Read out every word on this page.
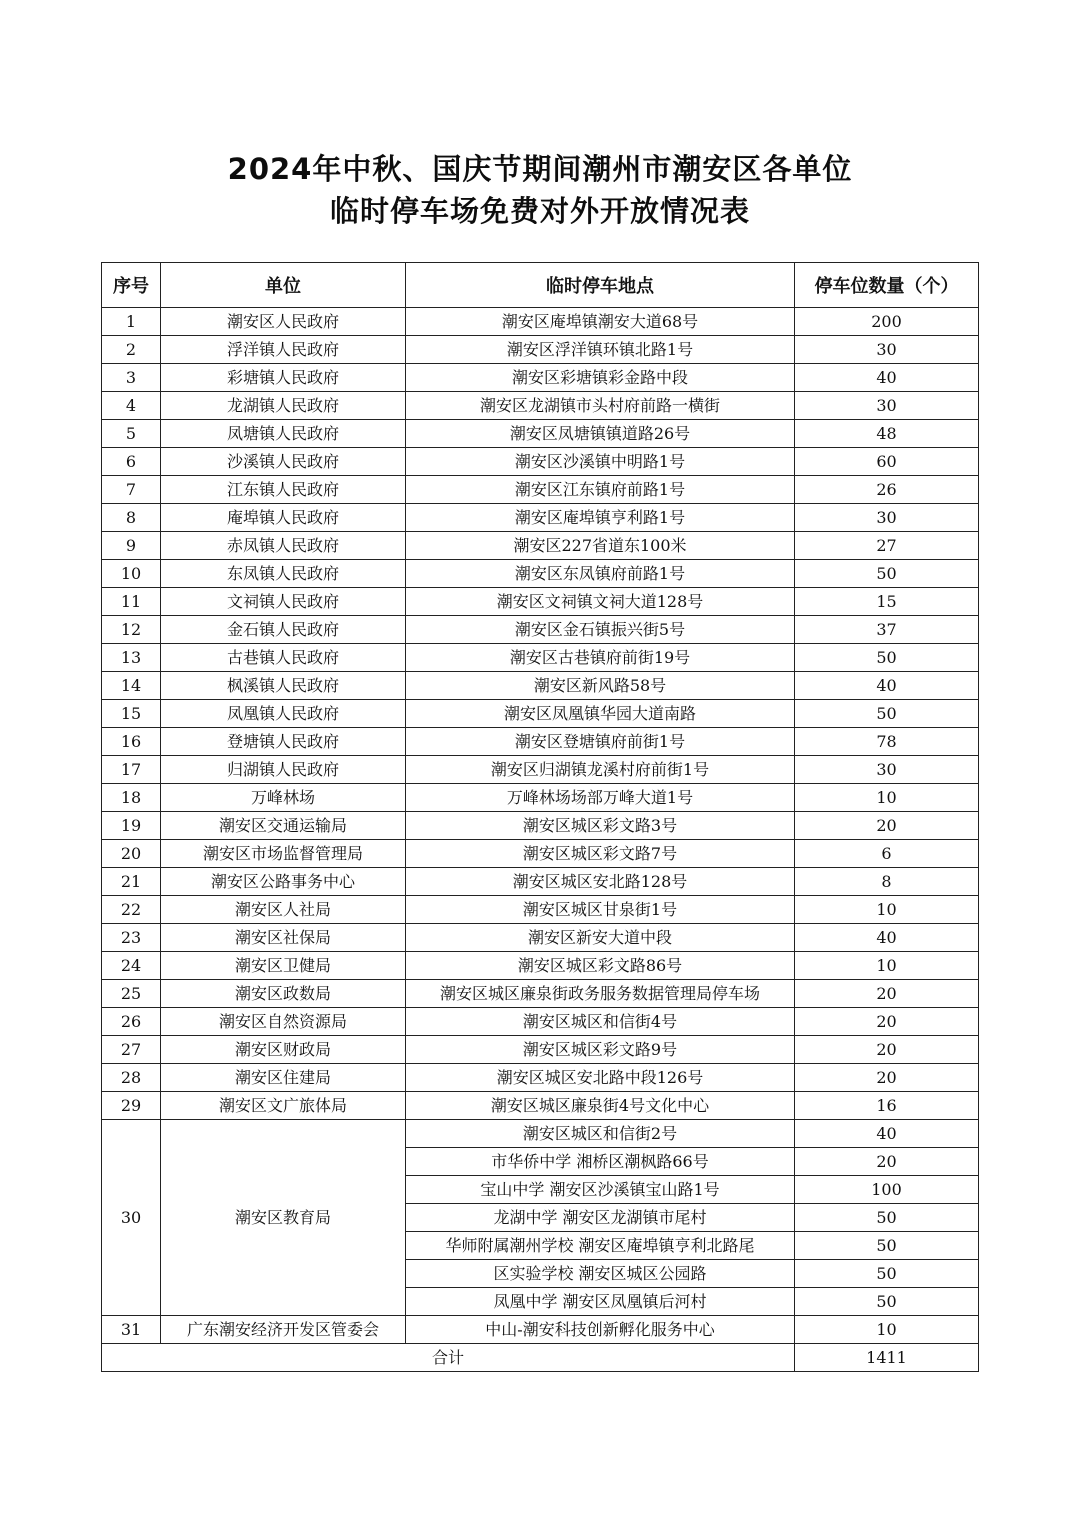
2024年中秋、国庆节期间潮州市潮安区各单位
临时停车场免费对外开放情况表
序号	单位	临时停车地点	停车位数量（个）
1	潮安区人民政府	潮安区庵埠镇潮安大道68号	200
2	浮洋镇人民政府	潮安区浮洋镇环镇北路1号	30
3	彩塘镇人民政府	潮安区彩塘镇彩金路中段	40
4	龙湖镇人民政府	潮安区龙湖镇市头村府前路一横街	30
5	凤塘镇人民政府	潮安区凤塘镇镇道路26号	48
6	沙溪镇人民政府	潮安区沙溪镇中明路1号	60
7	江东镇人民政府	潮安区江东镇府前路1号	26
8	庵埠镇人民政府	潮安区庵埠镇亨利路1号	30
9	赤凤镇人民政府	潮安区227省道东100米	27
10	东凤镇人民政府	潮安区东凤镇府前路1号	50
11	文祠镇人民政府	潮安区文祠镇文祠大道128号	15
12	金石镇人民政府	潮安区金石镇振兴街5号	37
13	古巷镇人民政府	潮安区古巷镇府前街19号	50
14	枫溪镇人民政府	潮安区新风路58号	40
15	凤凰镇人民政府	潮安区凤凰镇华园大道南路	50
16	登塘镇人民政府	潮安区登塘镇府前街1号	78
17	归湖镇人民政府	潮安区归湖镇龙溪村府前街1号	30
18	万峰林场	万峰林场场部万峰大道1号	10
19	潮安区交通运输局	潮安区城区彩文路3号	20
20	潮安区市场监督管理局	潮安区城区彩文路7号	6
21	潮安区公路事务中心	潮安区城区安北路128号	8
22	潮安区人社局	潮安区城区甘泉街1号	10
23	潮安区社保局	潮安区新安大道中段	40
24	潮安区卫健局	潮安区城区彩文路86号	10
25	潮安区政数局	潮安区城区廉泉街政务服务数据管理局停车场	20
26	潮安区自然资源局	潮安区城区和信街4号	20
27	潮安区财政局	潮安区城区彩文路9号	20
28	潮安区住建局	潮安区城区安北路中段126号	20
29	潮安区文广旅体局	潮安区城区廉泉街4号文化中心	16
30	潮安区教育局	潮安区城区和信街2号	40
		市华侨中学 湘桥区潮枫路66号	20
		宝山中学 潮安区沙溪镇宝山路1号	100
		龙湖中学 潮安区龙湖镇市尾村	50
		华师附属潮州学校 潮安区庵埠镇亨利北路尾	50
		区实验学校 潮安区城区公园路	50
		凤凰中学 潮安区凤凰镇后河村	50
31	广东潮安经济开发区管委会	中山-潮安科技创新孵化服务中心	10
合计			1411
